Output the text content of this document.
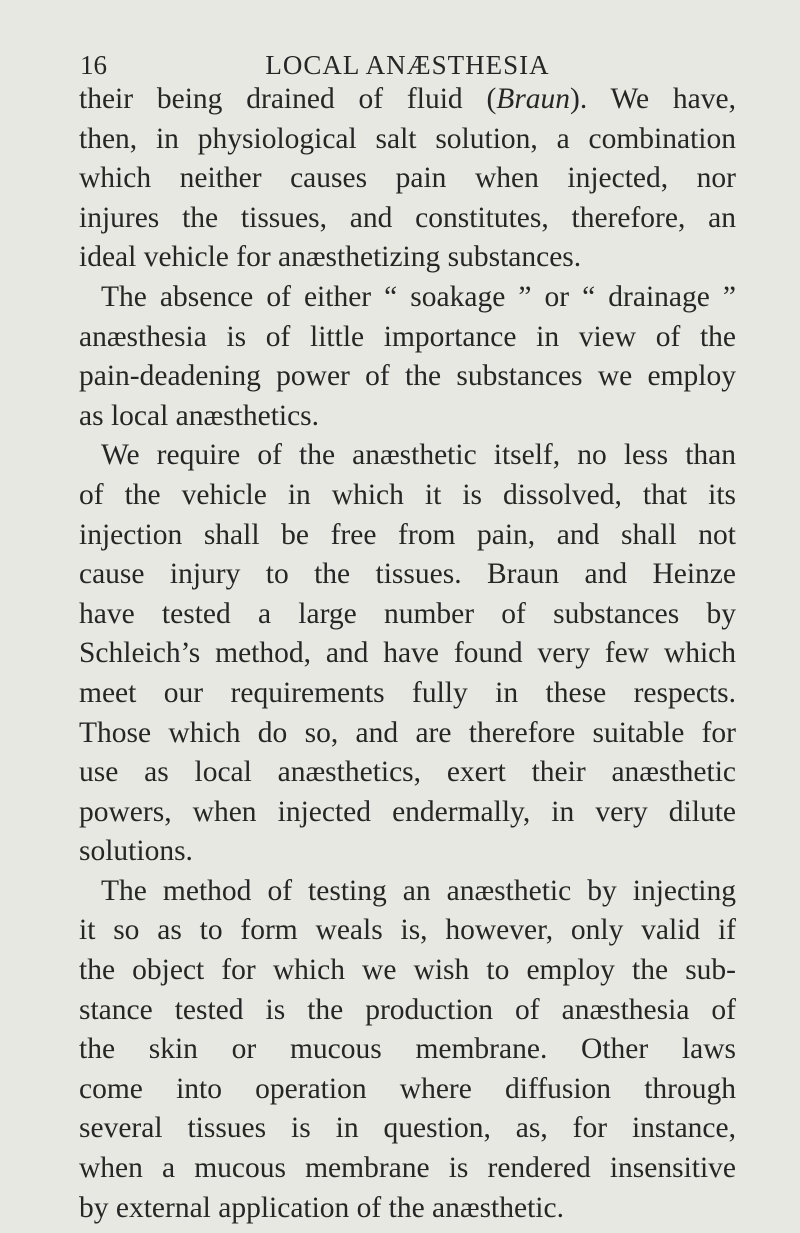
16	LOCAL ANÆSTHESIA
their being drained of fluid (Braun). We have,
then, in physiological salt solution, a combination
which neither causes pain when injected, nor
injures the tissues, and constitutes, therefore, an
ideal vehicle for anæsthetizing substances.
The absence of either “ soakage ” or “ drainage ”
anæsthesia is of little importance in view of the
pain-deadening power of the substances we employ
as local anæsthetics.
We require of the anæsthetic itself, no less than
of the vehicle in which it is dissolved, that its
injection shall be free from pain, and shall not
cause injury to the tissues. Braun and Heinze
have tested a large number of substances by
Schleich’s method, and have found very few which
meet our requirements fully in these respects.
Those which do so, and are therefore suitable for
use as local anæsthetics, exert their anæsthetic
powers, when injected endermally, in very dilute
solutions.
The method of testing an anæsthetic by injecting
it so as to form weals is, however, only valid if
the object for which we wish to employ the sub-
stance tested is the production of anæsthesia of
the skin or mucous membrane. Other laws
come into operation where diffusion through
several tissues is in question, as, for instance,
when a mucous membrane is rendered insensitive
by external application of the anæsthetic.
